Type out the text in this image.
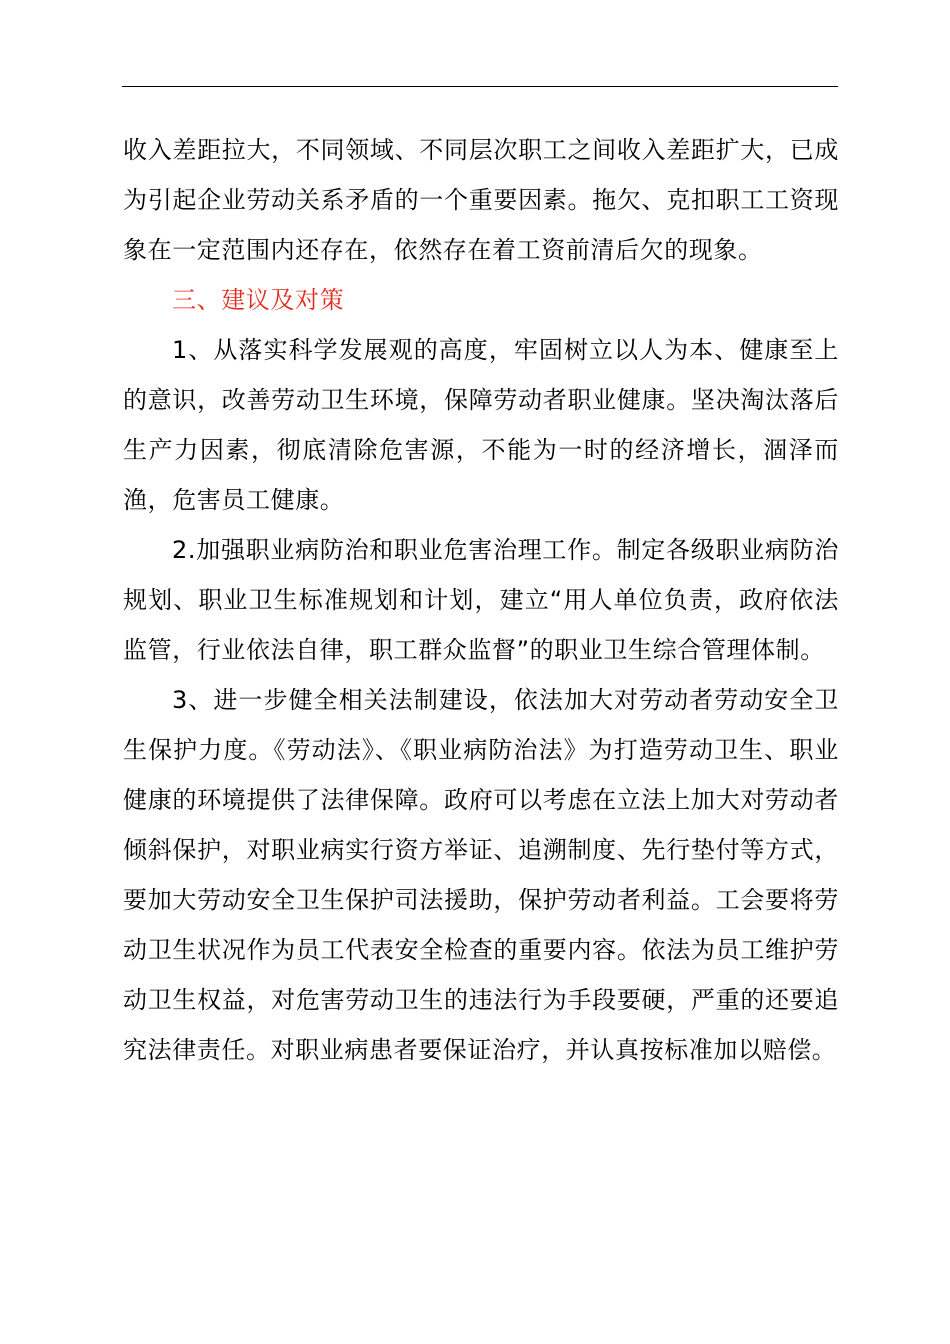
收入差距拉大，不同领域、不同层次职工之间收入差距扩大，已成为引起企业劳动关系矛盾的一个重要因素。拖欠、克扣职工工资现象在一定范围内还存在，依然存在着工资前清后欠的现象。

三、建议及对策

1、从落实科学发展观的高度，牢固树立以人为本、健康至上的意识，改善劳动卫生环境，保障劳动者职业健康。坚决淘汰落后生产力因素，彻底清除危害源，不能为一时的经济增长，涸泽而渔，危害员工健康。

2.加强职业病防治和职业危害治理工作。制定各级职业病防治规划、职业卫生标准规划和计划，建立“用人单位负责，政府依法监管，行业依法自律，职工群众监督”的职业卫生综合管理体制。

3、进一步健全相关法制建设，依法加大对劳动者劳动安全卫生保护力度。《劳动法》、《职业病防治法》为打造劳动卫生、职业健康的环境提供了法律保障。政府可以考虑在立法上加大对劳动者倾斜保护，对职业病实行资方举证、追溯制度、先行垫付等方式，要加大劳动安全卫生保护司法援助，保护劳动者利益。工会要将劳动卫生状况作为员工代表安全检查的重要内容。依法为员工维护劳动卫生权益，对危害劳动卫生的违法行为手段要硬，严重的还要追究法律责任。对职业病患者要保证治疗，并认真按标准加以赔偿。
